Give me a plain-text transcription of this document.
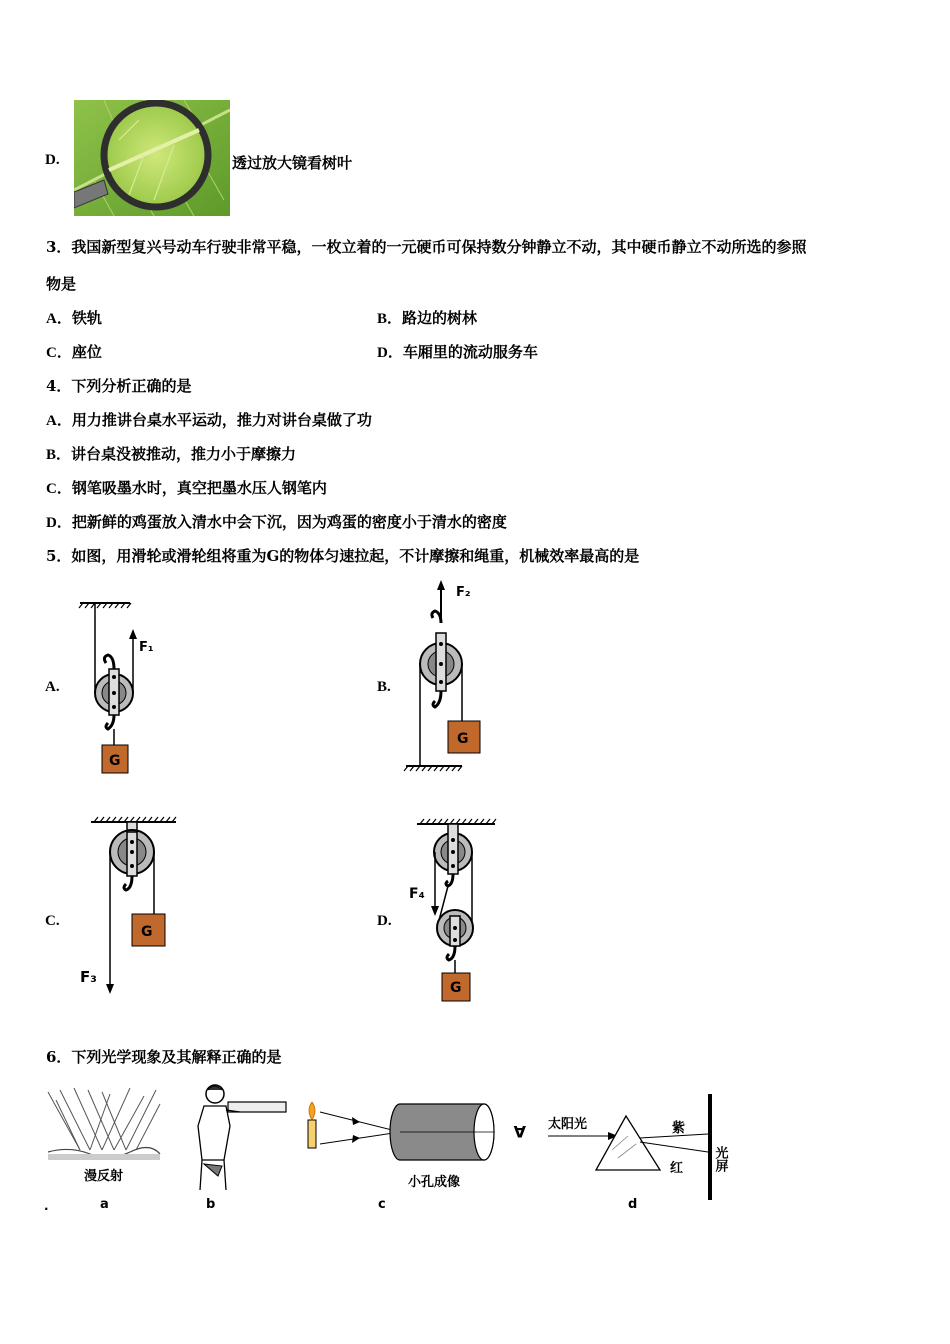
D.	透过放大镜看树叶
3．我国新型复兴号动车行驶非常平稳，一枚立着的一元硬币可保持数分钟静立不动，其中硬币静立不动所选的参照
物是
A．铁轨	B．路边的树林
C．座位	D．车厢里的流动服务车
4．下列分析正确的是
A．用力推讲台桌水平运动，推力对讲台桌做了功
B．讲台桌没被推动，推力小于摩擦力
C．钢笔吸墨水时，真空把墨水压人钢笔内
D．把新鲜的鸡蛋放入清水中会下沉，因为鸡蛋的密度小于清水的密度
5．如图，用滑轮或滑轮组将重为G的物体匀速拉起，不计摩擦和绳重，机械效率最高的是
A.
F₁
G
B.
F₂
G
C.
F₃
G
D.
F₄
G
6．下列光学现象及其解释正确的是
.
漫反射
a	b
小孔成像
c
A 太阳光	紫
红 光屏
d
